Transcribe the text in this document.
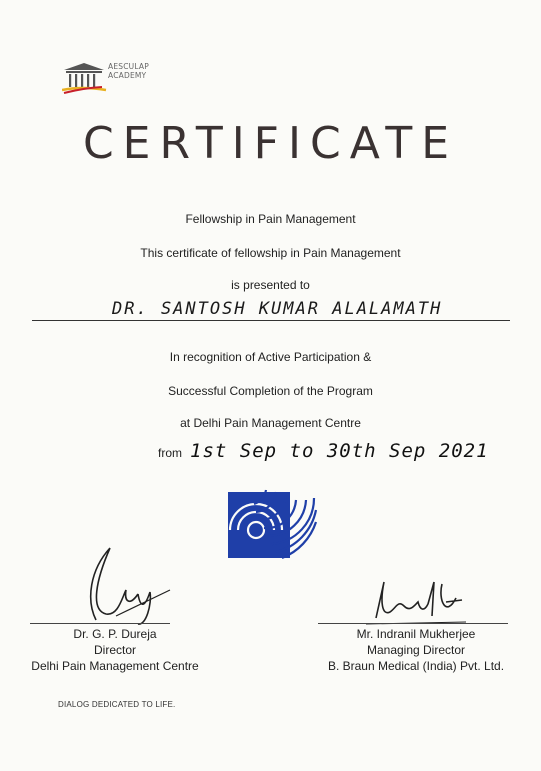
AESCULAP
ACADEMY
CERTIFICATE
Fellowship in Pain Management
This certificate of fellowship in Pain Management
is presented to
DR. SANTOSH KUMAR ALALAMATH
In recognition of Active Participation &
Successful Completion of the Program
at Delhi Pain Management Centre
from 1st Sep to 30th Sep 2021
Dr. G. P. Dureja
Director
Delhi Pain Management Centre
Mr. Indranil Mukherjee
Managing Director
B. Braun Medical (India) Pvt. Ltd.
DIALOG DEDICATED TO LIFE.
